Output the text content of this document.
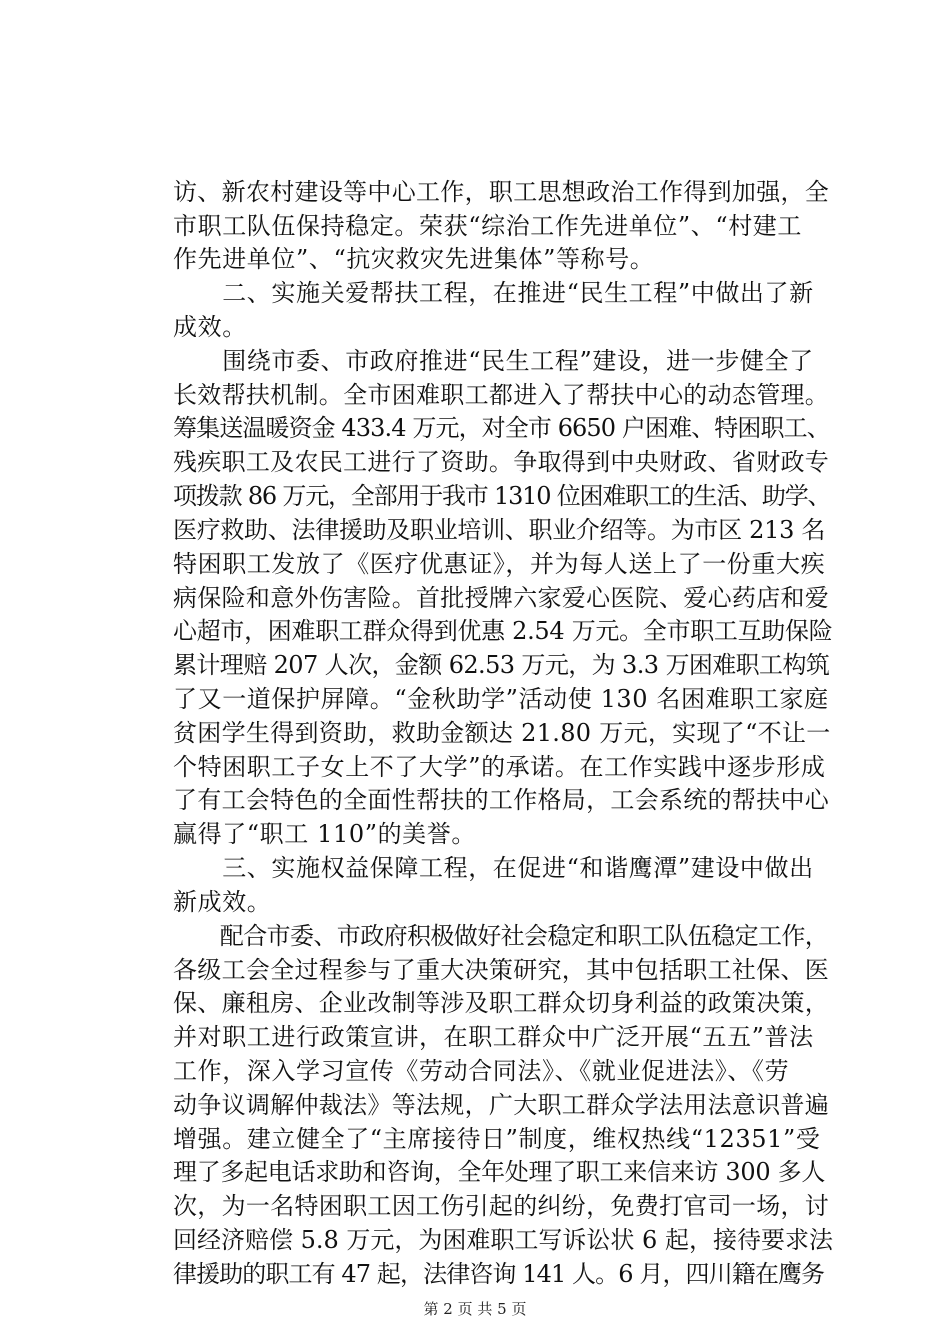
访、新农村建设等中心工作，职工思想政治工作得到加强，全
市职工队伍保持稳定。荣获“综治工作先进单位”、“村建工
作先进单位”、“抗灾救灾先进集体”等称号。
　　二、实施关爱帮扶工程，在推进“民生工程”中做出了新
成效。
　　围绕市委、市政府推进“民生工程”建设，进一步健全了
长效帮扶机制。全市困难职工都进入了帮扶中心的动态管理。
筹集送温暖资金 433.4 万元，对全市 6650 户困难、特困职工、
残疾职工及农民工进行了资助。争取得到中央财政、省财政专
项拨款 86 万元，全部用于我市 1310 位困难职工的生活、助学、
医疗救助、法律援助及职业培训、职业介绍等。为市区 213 名
特困职工发放了《医疗优惠证》，并为每人送上了一份重大疾
病保险和意外伤害险。首批授牌六家爱心医院、爱心药店和爱
心超市，困难职工群众得到优惠 2.54 万元。全市职工互助保险
累计理赔 207 人次，金额 62.53 万元，为 3.3 万困难职工构筑
了又一道保护屏障。“金秋助学”活动使 130 名困难职工家庭
贫困学生得到资助，救助金额达 21.80 万元，实现了“不让一
个特困职工子女上不了大学”的承诺。在工作实践中逐步形成
了有工会特色的全面性帮扶的工作格局，工会系统的帮扶中心
赢得了“职工 110”的美誉。
　　三、实施权益保障工程，在促进“和谐鹰潭”建设中做出
新成效。
　　配合市委、市政府积极做好社会稳定和职工队伍稳定工作，
各级工会全过程参与了重大决策研究，其中包括职工社保、医
保、廉租房、企业改制等涉及职工群众切身利益的政策决策，
并对职工进行政策宣讲，在职工群众中广泛开展“五五”普法
工作，深入学习宣传《劳动合同法》、《就业促进法》、《劳
动争议调解仲裁法》等法规，广大职工群众学法用法意识普遍
增强。建立健全了“主席接待日”制度，维权热线“12351”受
理了多起电话求助和咨询，全年处理了职工来信来访 300 多人
次，为一名特困职工因工伤引起的纠纷，免费打官司一场，讨
回经济赔偿 5.8 万元，为困难职工写诉讼状 6 起，接待要求法
律援助的职工有 47 起，法律咨询 141 人。6 月，四川籍在鹰务
第 2 页 共 5 页
